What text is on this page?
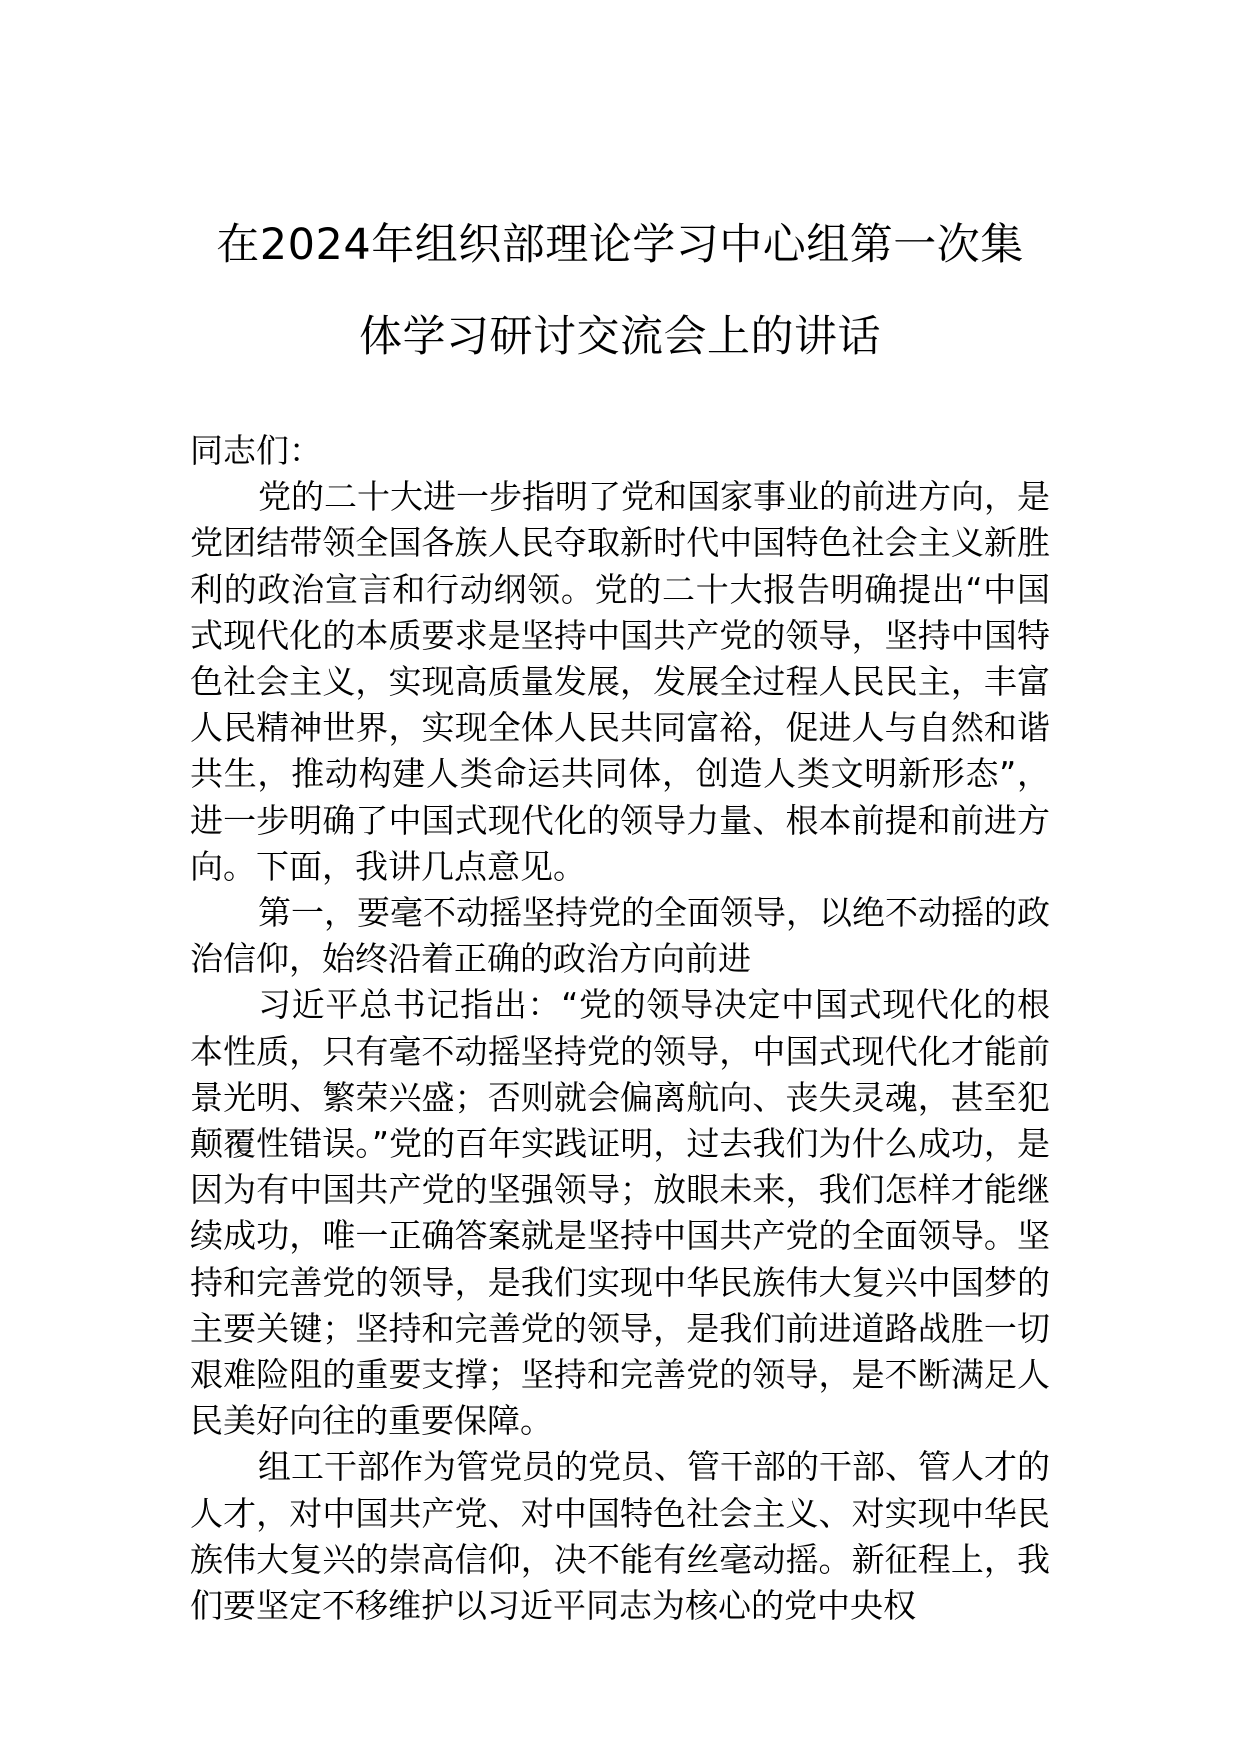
在2024年组织部理论学习中心组第一次集
体学习研讨交流会上的讲话

同志们：

党的二十大进一步指明了党和国家事业的前进方向，是党团结带领全国各族人民夺取新时代中国特色社会主义新胜利的政治宣言和行动纲领。党的二十大报告明确提出“中国式现代化的本质要求是坚持中国共产党的领导，坚持中国特色社会主义，实现高质量发展，发展全过程人民民主，丰富人民精神世界，实现全体人民共同富裕，促进人与自然和谐共生，推动构建人类命运共同体，创造人类文明新形态”，进一步明确了中国式现代化的领导力量、根本前提和前进方向。下面，我讲几点意见。

第一，要毫不动摇坚持党的全面领导，以绝不动摇的政治信仰，始终沿着正确的政治方向前进

习近平总书记指出：“党的领导决定中国式现代化的根本性质，只有毫不动摇坚持党的领导，中国式现代化才能前景光明、繁荣兴盛；否则就会偏离航向、丧失灵魂，甚至犯颠覆性错误。”党的百年实践证明，过去我们为什么成功，是因为有中国共产党的坚强领导；放眼未来，我们怎样才能继续成功，唯一正确答案就是坚持中国共产党的全面领导。坚持和完善党的领导，是我们实现中华民族伟大复兴中国梦的主要关键；坚持和完善党的领导，是我们前进道路战胜一切艰难险阻的重要支撑；坚持和完善党的领导，是不断满足人民美好向往的重要保障。

组工干部作为管党员的党员、管干部的干部、管人才的人才，对中国共产党、对中国特色社会主义、对实现中华民族伟大复兴的崇高信仰，决不能有丝毫动摇。新征程上，我们要坚定不移维护以习近平同志为核心的党中央权
